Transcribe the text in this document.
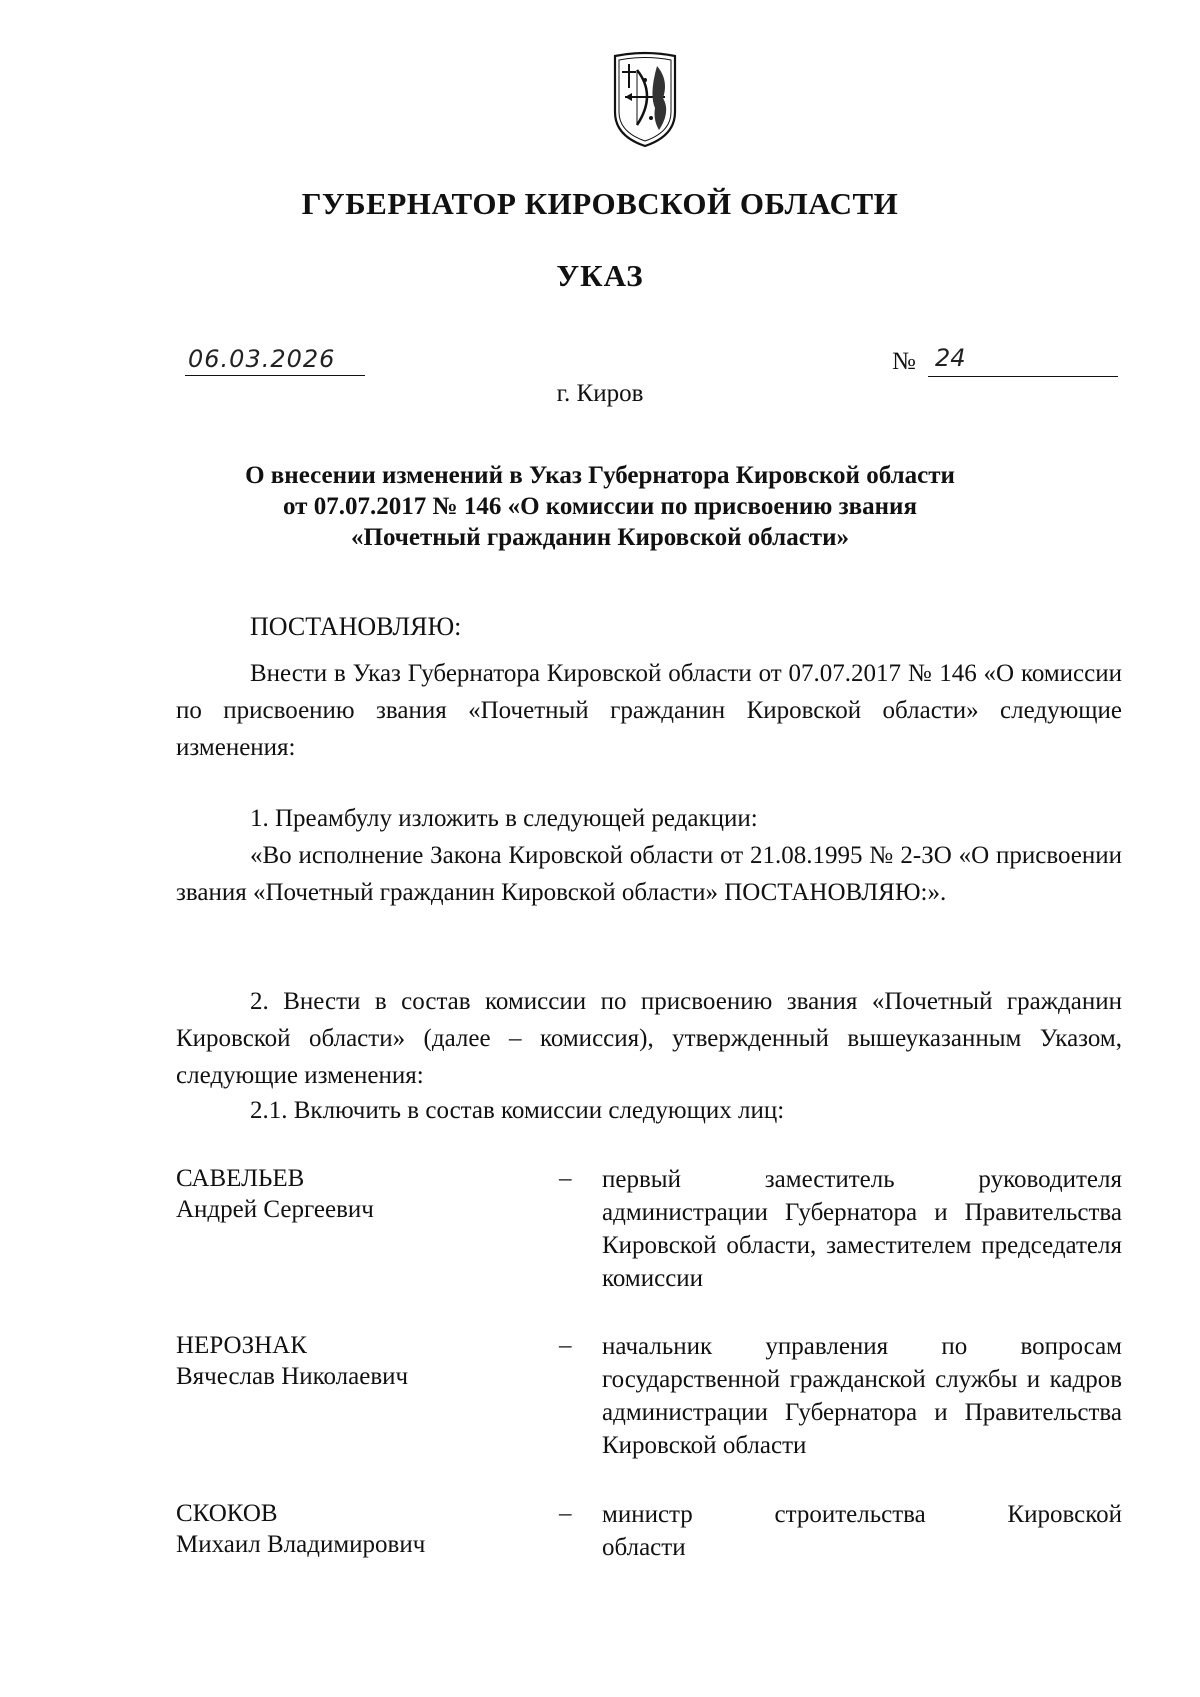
ГУБЕРНАТОР КИРОВСКОЙ ОБЛАСТИ
УКАЗ
06.03.2026	№ 24
г. Киров
О внесении изменений в Указ Губернатора Кировской области
от 07.07.2017 № 146 «О комиссии по присвоению звания
«Почетный гражданин Кировской области»
ПОСТАНОВЛЯЮ:

Внести в Указ Губернатора Кировской области от 07.07.2017 № 146 «О комиссии по присвоению звания «Почетный гражданин Кировской области» следующие изменения:

1. Преамбулу изложить в следующей редакции:

«Во исполнение Закона Кировской области от 21.08.1995 № 2-ЗО «О присвоении звания «Почетный гражданин Кировской области» ПОСТАНОВЛЯЮ:».

2. Внести в состав комиссии по присвоению звания «Почетный гражданин Кировской области» (далее – комиссия), утвержденный вышеуказанным Указом, следующие изменения:

2.1. Включить в состав комиссии следующих лиц:

САВЕЛЬЕВ
Андрей Сергеевич
– первый заместитель руководителя администрации Губернатора и Правительства Кировской области, заместителем председателя комиссии
НЕРОЗНАК
Вячеслав Николаевич
– начальник управления по вопросам государственной гражданской службы и кадров администрации Губернатора и Правительства Кировской области
СКОКОВ
Михаил Владимирович
– министр строительства Кировской
области
